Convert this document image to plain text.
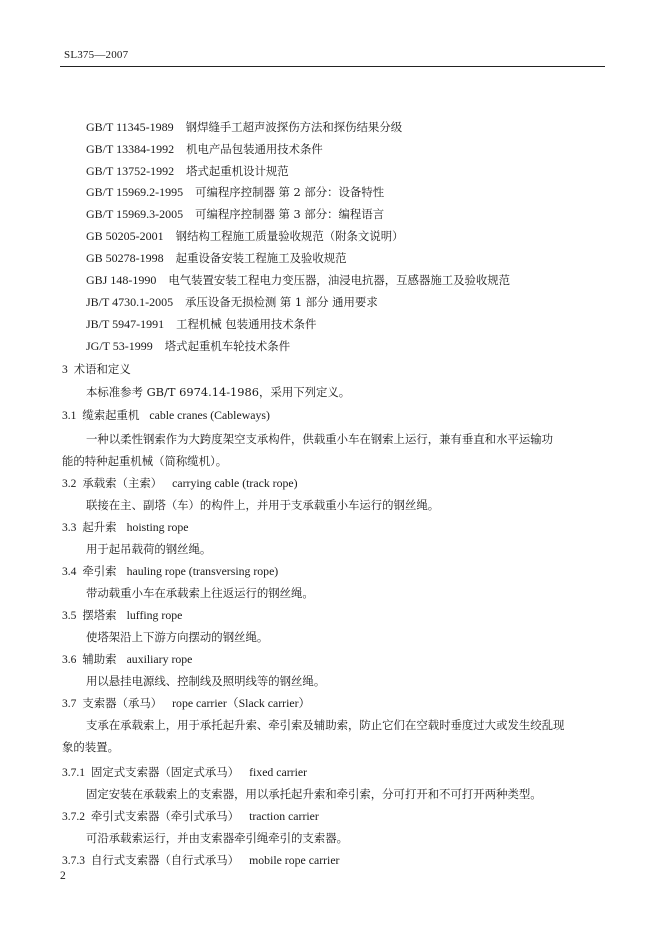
SL375—2007
GB/T 11345-1989 钢焊缝手工超声波探伤方法和探伤结果分级
GB/T 13384-1992 机电产品包装通用技术条件
GB/T 13752-1992 塔式起重机设计规范
GB/T 15969.2-1995 可编程序控制器 第 2 部分：设备特性
GB/T 15969.3-2005 可编程序控制器 第 3 部分：编程语言
GB 50205-2001 钢结构工程施工质量验收规范（附条文说明）
GB 50278-1998 起重设备安装工程施工及验收规范
GBJ 148-1990 电气装置安装工程电力变压器，油浸电抗器，互感器施工及验收规范
JB/T 4730.1-2005 承压设备无损检测 第 1 部分 通用要求
JB/T 5947-1991 工程机械 包装通用技术条件
JG/T 53-1999 塔式起重机车轮技术条件
3 术语和定义
本标准参考 GB/T 6974.14-1986，采用下列定义。
3.1 缆索起重机 cable cranes (Cableways)
一种以柔性钢索作为大跨度架空支承构件，供载重小车在钢索上运行，兼有垂直和水平运输功
能的特种起重机械（简称缆机）。
3.2 承载索（主索） carrying cable (track rope)
联接在主、副塔（车）的构件上，并用于支承载重小车运行的钢丝绳。
3.3 起升索 hoisting rope
用于起吊载荷的钢丝绳。
3.4 牵引索 hauling rope (transversing rope)
带动载重小车在承载索上往返运行的钢丝绳。
3.5 摆塔索 luffing rope
使塔架沿上下游方向摆动的钢丝绳。
3.6 辅助索 auxiliary rope
用以悬挂电源线、控制线及照明线等的钢丝绳。
3.7 支索器（承马） rope carrier（Slack carrier）
支承在承载索上，用于承托起升索、牵引索及辅助索，防止它们在空载时垂度过大或发生绞乱现
象的装置。
3.7.1 固定式支索器（固定式承马） fixed carrier
固定安装在承载索上的支索器，用以承托起升索和牵引索，分可打开和不可打开两种类型。
3.7.2 牵引式支索器（牵引式承马） traction carrier
可沿承载索运行，并由支索器牵引绳牵引的支索器。
3.7.3 自行式支索器（自行式承马） mobile rope carrier
2
